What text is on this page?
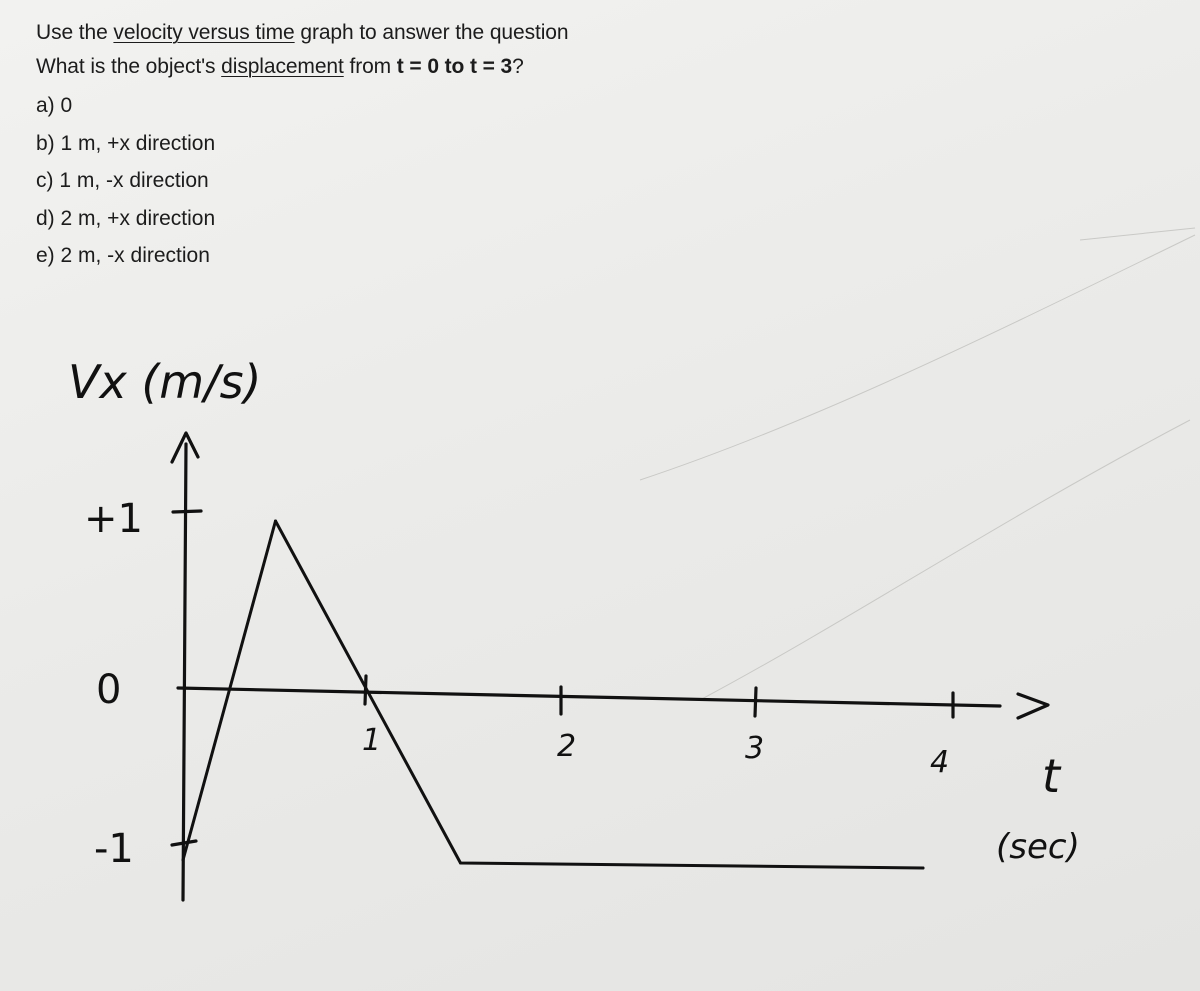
Use the velocity versus time graph to answer the question
What is the object's displacement from t = 0 to t = 3?
a) 0
b) 1 m, +x direction
c) 1 m, -x direction
d) 2 m, +x direction
e) 2 m, -x direction
Vx (m/s)
+1
0
-1
1	2	3	4 t
(sec)
